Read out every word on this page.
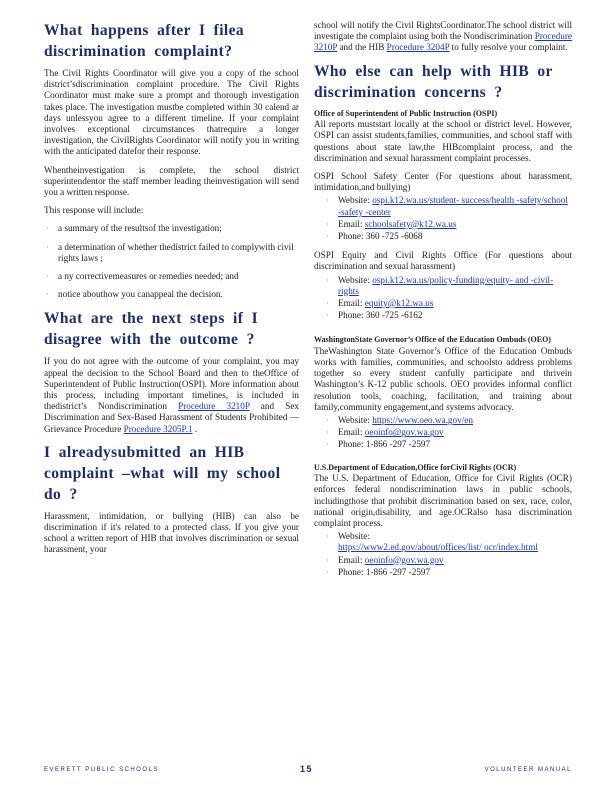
What happens after I filea discrimination complaint?

The Civil Rights Coordinator will give you a copy of the school district’sdiscrimination complaint procedure. The Civil Rights Coordinator must make sure a prompt and thorough investigation takes place. The investigation mustbe completed within 30 calend ar days unlessyou agree to a different timeline. If your complaint involves exceptional circumstances thatrequire a longer investigation, the CivilRights Coordinator will notify you in writing with the anticipated datefor their response.

Whentheinvestigation is complete, the school district superintendentor the staff member leading theinvestigation will send you a written response.

This response will include:

· a summary of the resultsof the investigation;
· a determination of whether thedistrict failed to complywith civil rights laws ;
· a ny correctivemeasures or remedies needed; and
· notice abouthow you canappeal the decision.
What are the next steps if I disagree with the outcome ?

If you do not agree with the outcome of your complaint, you may appeal the decision to the School Board and then to theOffice of Superintendent of Public Instruction(OSPI). More information about this process, including important timelines, is included in thedistrict’s Nondiscrimination Procedure 3210P and Sex Discrimination and Sex-Based Harassment of Students Prohibited —Grievance Procedure Procedure 3205P.1 .

I alreadysubmitted an HIB complaint –what will my school do ?

Harassment, intimidation, or bullying (HIB) can also be discrimination if it's related to a protected class. If you give your school a written report of HIB that involves discrimination or sexual harassment, your

school will notify the Civil RightsCoordinator.The school district will investigate the complaint using both the Nondiscrimination Procedure 3210P and the HIB Procedure 3204P to fully resolve your complaint.

Who else can help with HIB or discrimination concerns ?
Office of Superintendent of Public Instruction (OSPI)

All reports muststart locally at the school or district level. However, OSPI can assist students,families, communities, and school staff with questions about state law,the HIBcomplaint process, and the discrimination and sexual harassment complaint processes.

OSPI School Safety Center (For questions about harassment, intimidation,and bullying)

· Website: ospi.k12.wa.us/student- success/health -safety/school -safety -center
· Email: schoolsafety@k12.wa.us
· Phone: 360 -725 -6068

OSPI Equity and Civil Rights Office (For questions about discrimination and sexual harassment)

· Website: ospi.k12.wa.us/policy-funding/equity- and -civil-rights
· Email: equity@k12.wa.us
· Phone: 360 -725 -6162
WashingtonState Governor’s Office of the Education Ombuds (OEO)

TheWashington State Governor’s Office of the Education Ombuds works with families, communities, and schoolsto address problems together so every student canfully participate and thrivein Washington’s K-12 public schools. OEO provides informal conflict resolution tools, coaching, facilitation, and training about family,community engagement,and systems advocacy.

· Website: https://www.oeo.wa.gov/en
· Email: oeoinfo@gov.wa.gov
· Phone: 1-866 -297 -2597
U.S.Department of Education,Office forCivil Rights (OCR)

The U.S. Department of Education, Office for Civil Rights (OCR) enforces federal nondiscrimination laws in public schools, includingthose that prohibit discrimination based on sex, race, color, national origin,disability, and age.OCRalso hasa discrimination complaint process.

· Website:
https://www2.ed.gov/about/offices/list/ ocr/index.html
· Email: oeoinfo@gov.wa.gov
· Phone: 1-866 -297 -2597
EVERETT PUBLIC SCHOOLS	15	VOLUNTEER MANUAL
